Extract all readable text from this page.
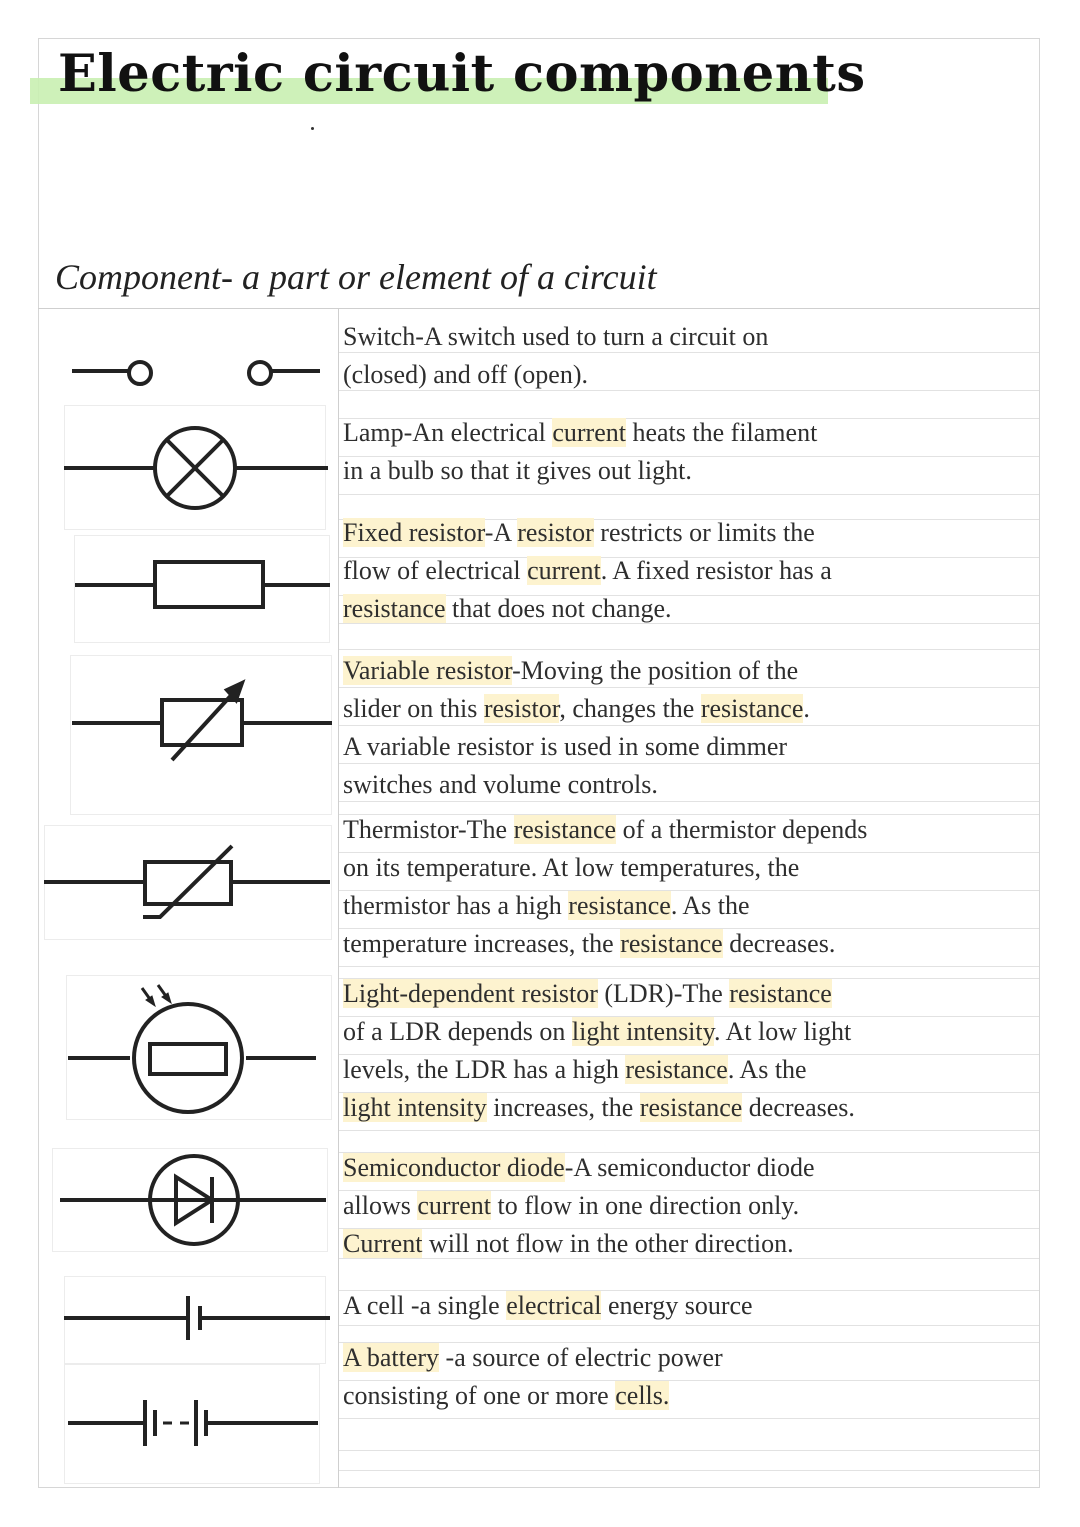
Electric circuit components

Component- a part or element of a circuit

Switch-A switch used to turn a circuit on
(closed) and off (open).
Lamp-An electrical current heats the filament
in a bulb so that it gives out light.
Fixed resistor-A resistor restricts or limits the
flow of electrical current. A fixed resistor has a
resistance that does not change.
Variable resistor-Moving the position of the
slider on this resistor, changes the resistance.
A variable resistor is used in some dimmer
switches and volume controls.
Thermistor-The resistance of a thermistor depends
on its temperature. At low temperatures, the
thermistor has a high resistance. As the
temperature increases, the resistance decreases.
Light-dependent resistor (LDR)-The resistance
of a LDR depends on light intensity. At low light
levels, the LDR has a high resistance. As the
light intensity increases, the resistance decreases.
Semiconductor diode-A semiconductor diode
allows current to flow in one direction only.
Current will not flow in the other direction.
A cell -a single electrical energy source
A battery -a source of electric power
consisting of one or more cells.
